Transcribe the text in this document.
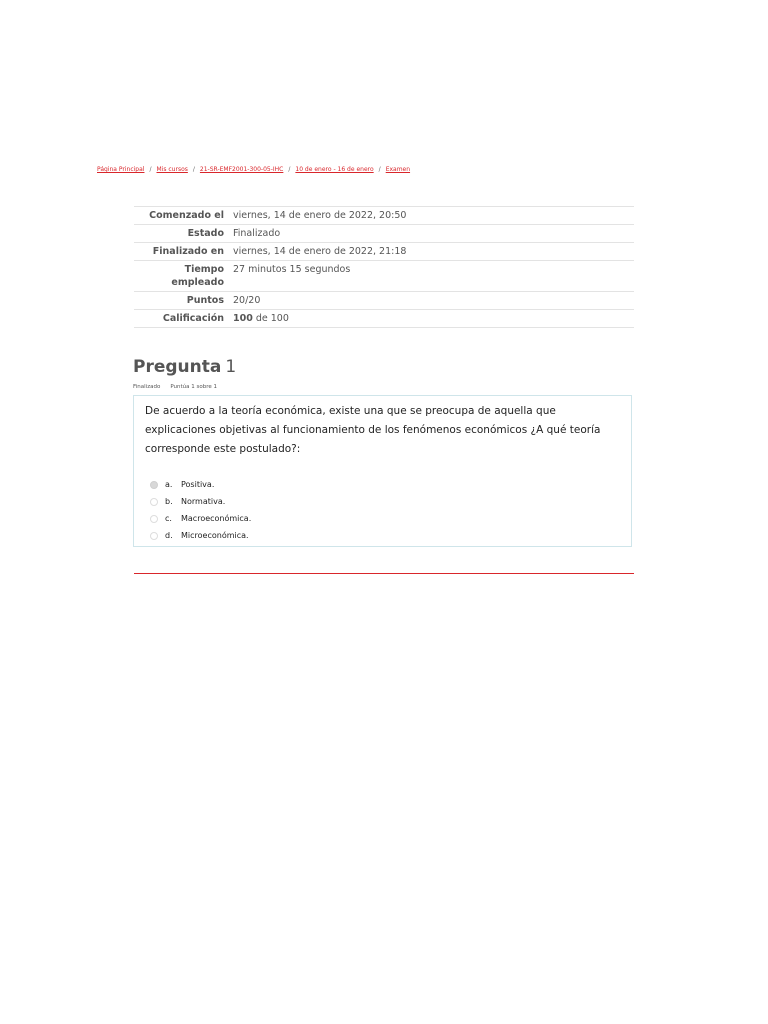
Página Principal / Mis cursos / 21-SR-EMF2001-300-05-IHC / 10 de enero - 16 de enero / Examen
Comenzado el	viernes, 14 de enero de 2022, 20:50
Estado	Finalizado
Finalizado en	viernes, 14 de enero de 2022, 21:18
Tiempo
empleado	27 minutos 15 segundos
Puntos	20/20
Calificación	100 de 100
Pregunta 1
Finalizado Puntúa 1 sobre 1
De acuerdo a la teoría económica, existe una que se preocupa de aquella que explicaciones objetivas al funcionamiento de los fenómenos económicos ¿A qué teoría corresponde este postulado?:
a.	Positiva.
b.	Normativa.
c.	Macroeconómica.
d.	Microeconómica.
